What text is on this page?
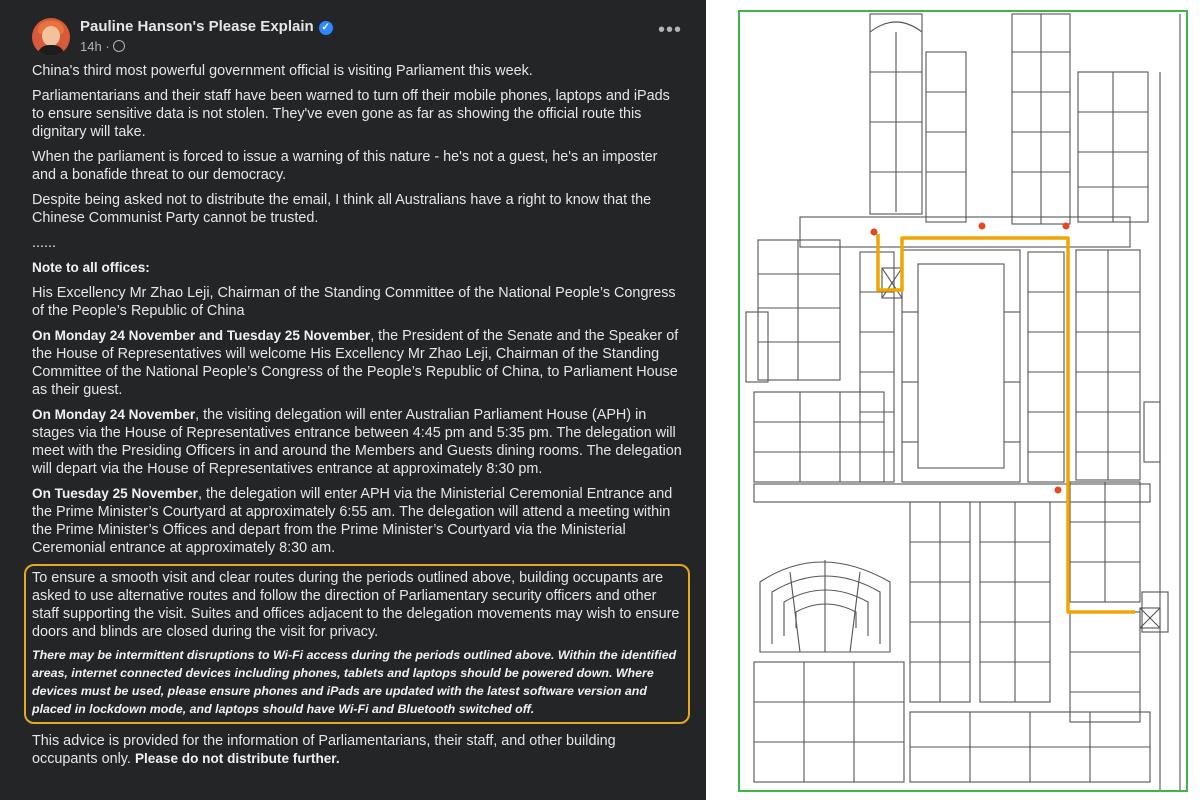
Pauline Hanson's Please Explain ✓
14h ·
•••

China's third most powerful government official is visiting Parliament this week.

Parliamentarians and their staff have been warned to turn off their mobile phones, laptops and iPads to ensure sensitive data is not stolen. They've even gone as far as showing the official route this dignitary will take.

When the parliament is forced to issue a warning of this nature - he's not a guest, he's an imposter and a bonafide threat to our democracy.

Despite being asked not to distribute the email, I think all Australians have a right to know that the Chinese Communist Party cannot be trusted.

......

Note to all offices:

His Excellency Mr Zhao Leji, Chairman of the Standing Committee of the National People’s Congress of the People’s Republic of China

On Monday 24 November and Tuesday 25 November, the President of the Senate and the Speaker of the House of Representatives will welcome His Excellency Mr Zhao Leji, Chairman of the Standing Committee of the National People’s Congress of the People’s Republic of China, to Parliament House as their guest.

On Monday 24 November, the visiting delegation will enter Australian Parliament House (APH) in stages via the House of Representatives entrance between 4:45 pm and 5:35 pm. The delegation will meet with the Presiding Officers in and around the Members and Guests dining rooms. The delegation will depart via the House of Representatives entrance at approximately 8:30 pm.

On Tuesday 25 November, the delegation will enter APH via the Ministerial Ceremonial Entrance and the Prime Minister’s Courtyard at approximately 6:55 am. The delegation will attend a meeting within the Prime Minister’s Offices and depart from the Prime Minister’s Courtyard via the Ministerial Ceremonial entrance at approximately 8:30 am.

To ensure a smooth visit and clear routes during the periods outlined above, building occupants are asked to use alternative routes and follow the direction of Parliamentary security officers and other staff supporting the visit. Suites and offices adjacent to the delegation movements may wish to ensure doors and blinds are closed during the visit for privacy.

There may be intermittent disruptions to Wi-Fi access during the periods outlined above. Within the identified areas, internet connected devices including phones, tablets and laptops should be powered down. Where devices must be used, please ensure phones and iPads are updated with the latest software version and placed in lockdown mode, and laptops should have Wi-Fi and Bluetooth switched off.

This advice is provided for the information of Parliamentarians, their staff, and other building occupants only. Please do not distribute further.
